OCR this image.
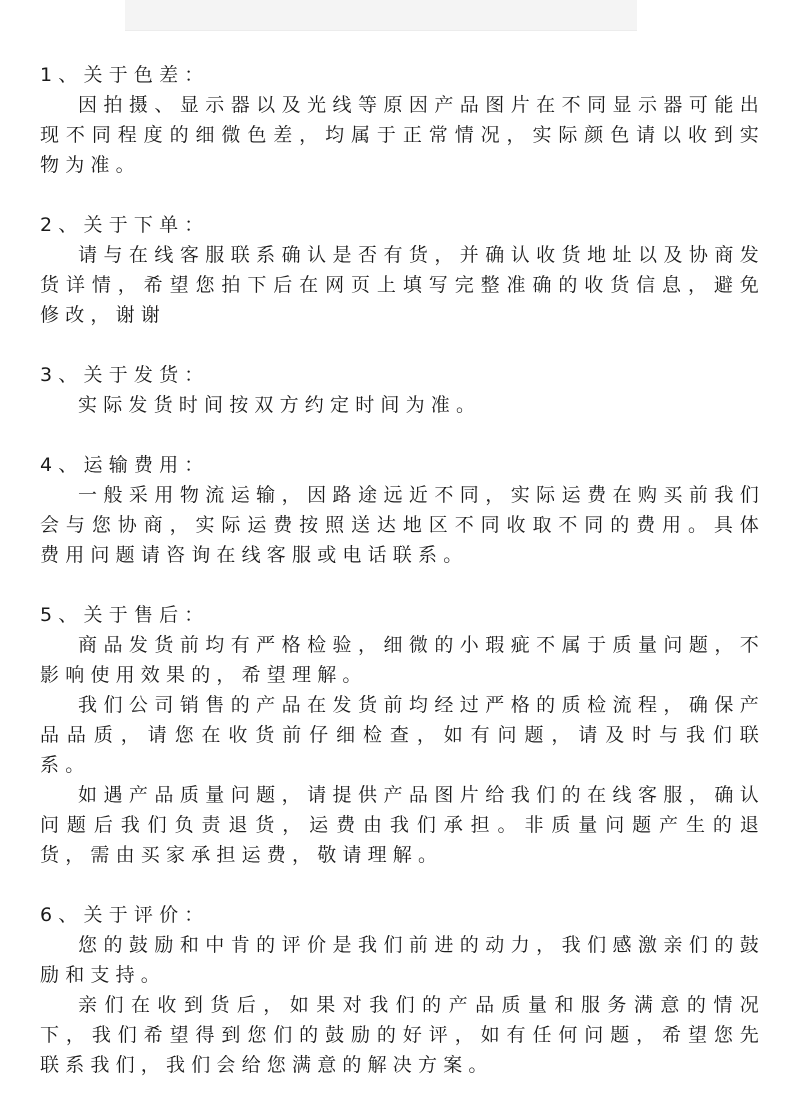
1、关于色差：

因拍摄、显示器以及光线等原因产品图片在不同显示器可能出现不同程度的细微色差，均属于正常情况，实际颜色请以收到实物为准。

2、关于下单：

请与在线客服联系确认是否有货，并确认收货地址以及协商发货详情，希望您拍下后在网页上填写完整准确的收货信息，避免修改，谢谢

3、关于发货：

实际发货时间按双方约定时间为准。

4、运输费用：

一般采用物流运输，因路途远近不同，实际运费在购买前我们会与您协商，实际运费按照送达地区不同收取不同的费用。具体费用问题请咨询在线客服或电话联系。

5、关于售后：

商品发货前均有严格检验，细微的小瑕疵不属于质量问题，不影响使用效果的，希望理解。

我们公司销售的产品在发货前均经过严格的质检流程，确保产品品质，请您在收货前仔细检查，如有问题，请及时与我们联系。

如遇产品质量问题，请提供产品图片给我们的在线客服，确认问题后我们负责退货，运费由我们承担。非质量问题产生的退货，需由买家承担运费，敬请理解。

6、关于评价：

您的鼓励和中肯的评价是我们前进的动力，我们感激亲们的鼓励和支持。

亲们在收到货后，如果对我们的产品质量和服务满意的情况下，我们希望得到您们的鼓励的好评，如有任何问题，希望您先联系我们，我们会给您满意的解决方案。
